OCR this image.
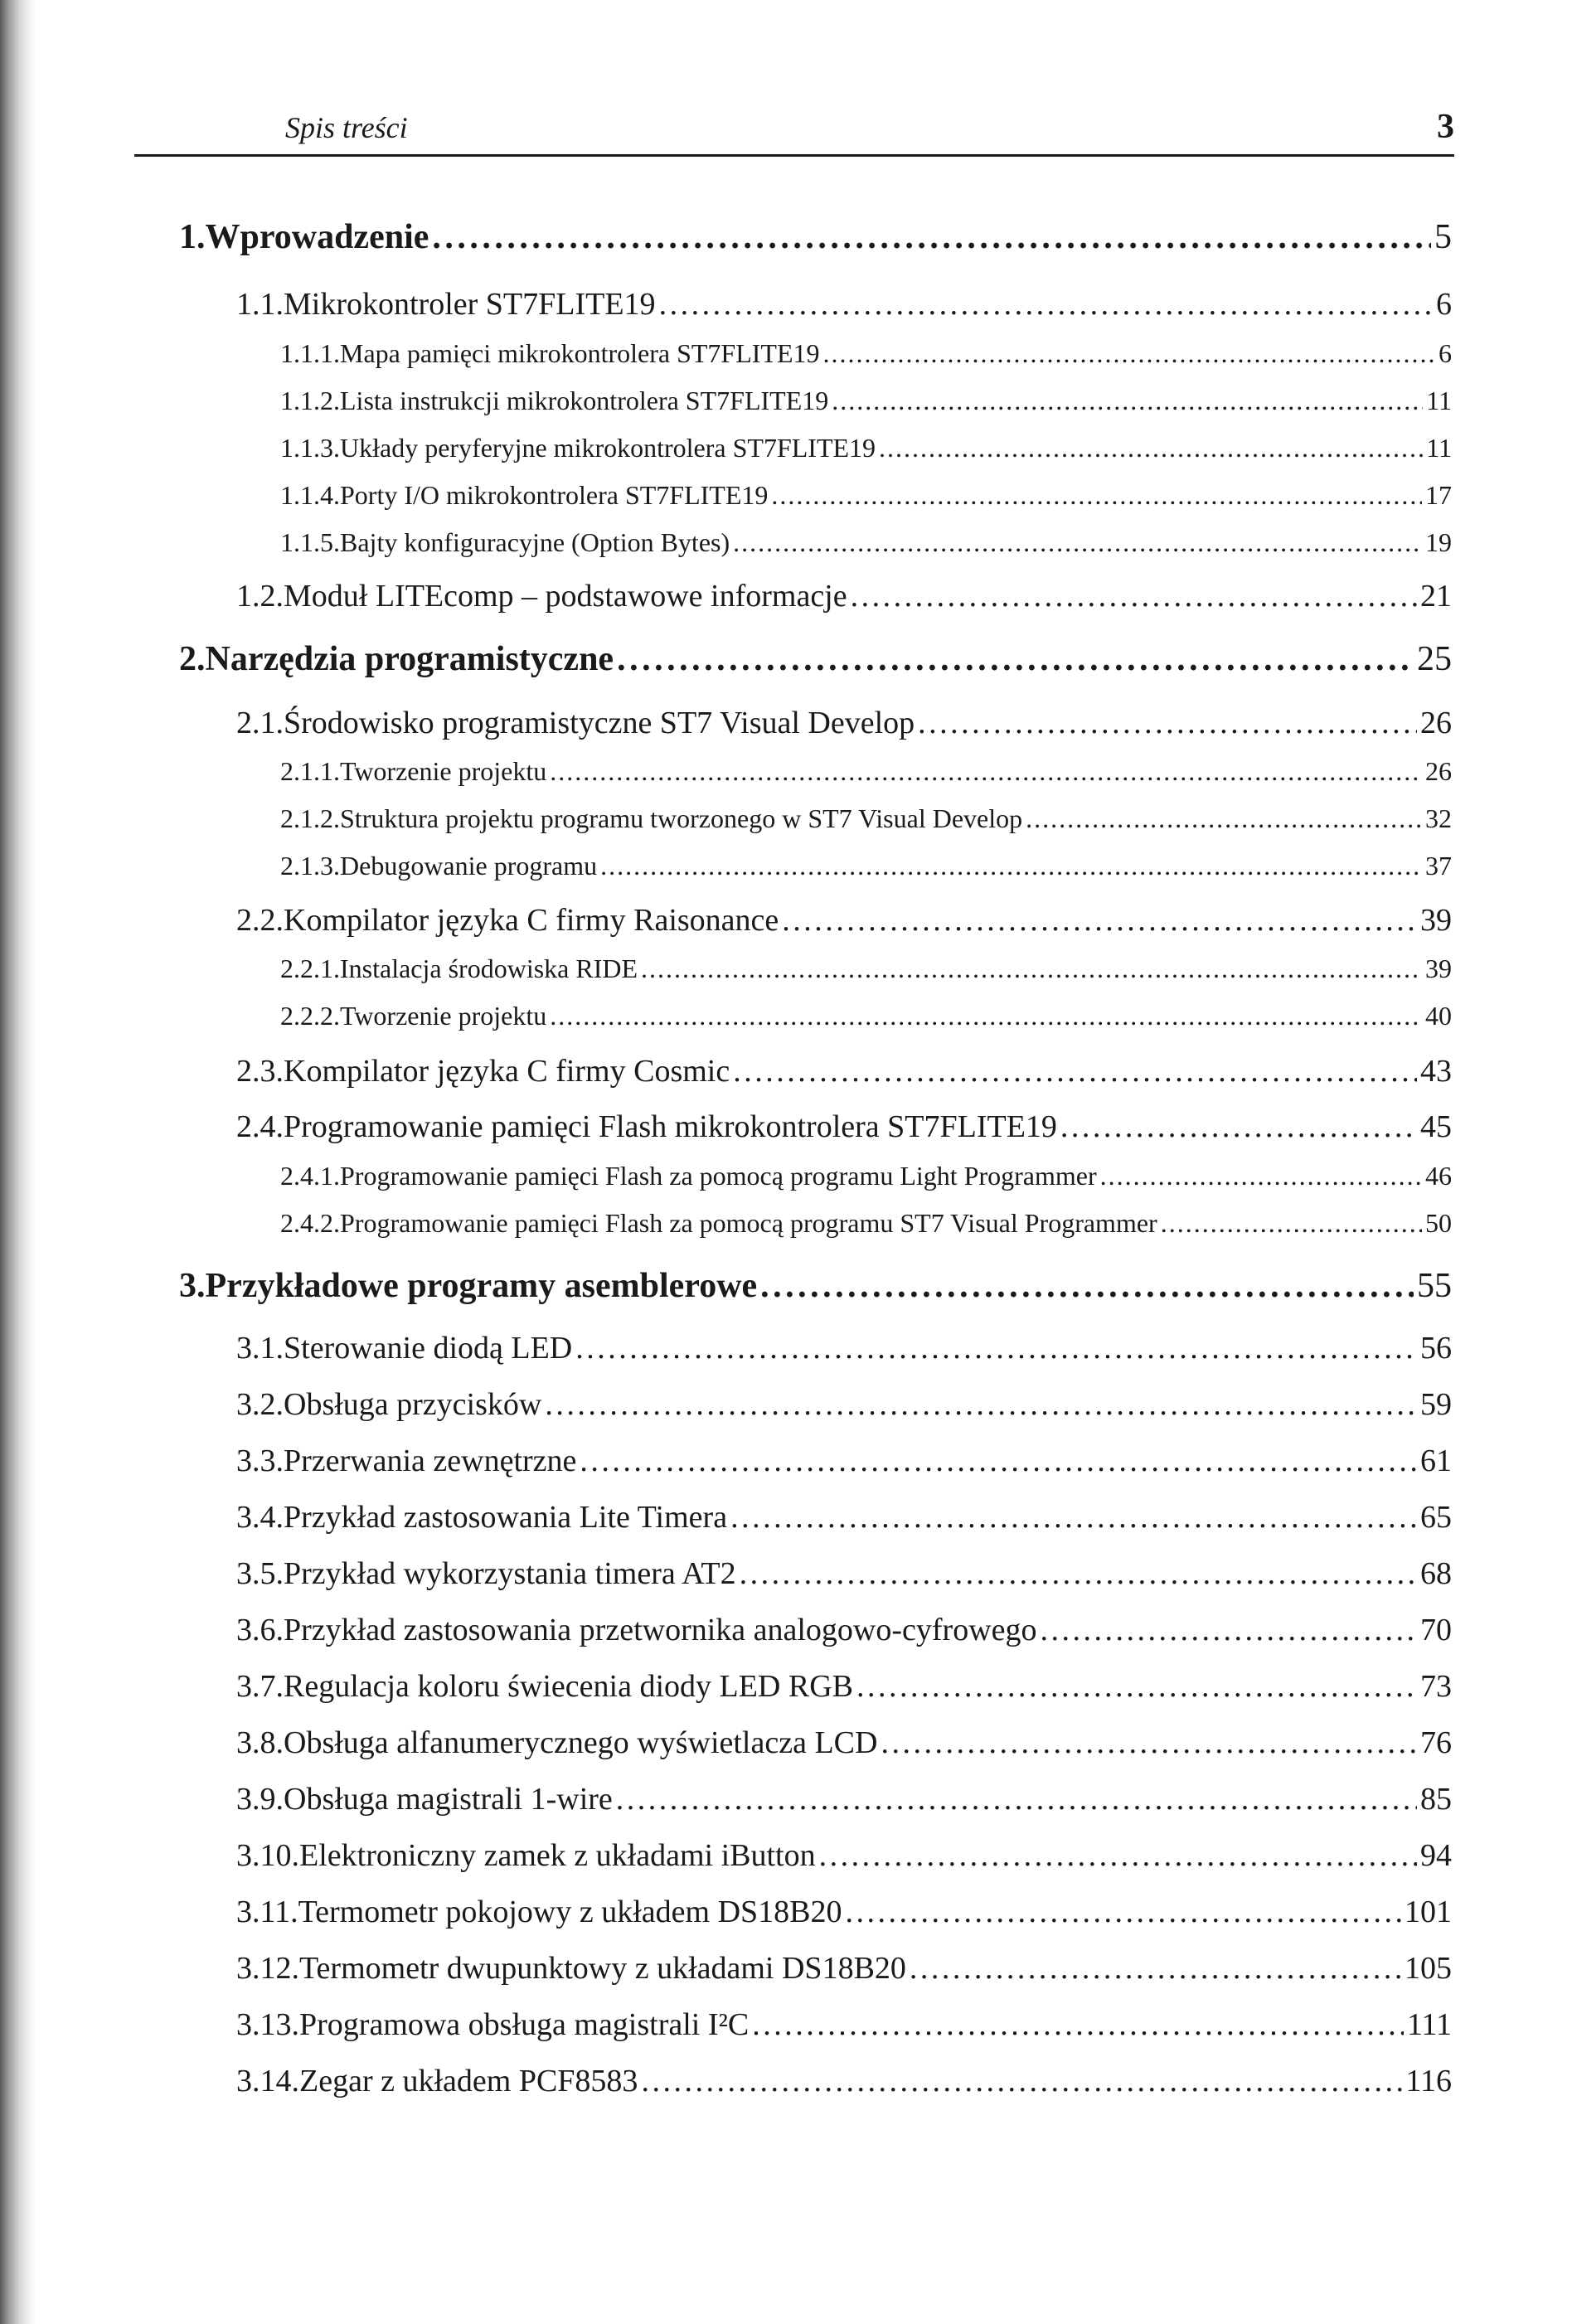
Spis treści	3
1. Wprowadzenie . . .	5
1.1. Mikrokontroler ST7FLITE19 . . .	6
1.1.1. Mapa pamięci mikrokontrolera ST7FLITE19 . . .	6
1.1.2. Lista instrukcji mikrokontrolera ST7FLITE19 . . .	11
1.1.3. Układy peryferyjne mikrokontrolera ST7FLITE19 . . .	11
1.1.4. Porty I/O mikrokontrolera ST7FLITE19 . . .	17
1.1.5. Bajty konfiguracyjne (Option Bytes) . . .	19
1.2. Moduł LITEcomp – podstawowe informacje . . .	21
2. Narzędzia programistyczne . . .	25
2.1. Środowisko programistyczne ST7 Visual Develop . . .	26
2.1.1. Tworzenie projektu . . .	26
2.1.2. Struktura projektu programu tworzonego w ST7 Visual Develop . . .	32
2.1.3. Debugowanie programu . . .	37
2.2. Kompilator języka C firmy Raisonance . . .	39
2.2.1. Instalacja środowiska RIDE . . .	39
2.2.2. Tworzenie projektu . . .	40
2.3. Kompilator języka C firmy Cosmic . . .	43
2.4. Programowanie pamięci Flash mikrokontrolera ST7FLITE19 . . .	45
2.4.1. Programowanie pamięci Flash za pomocą programu Light Programmer . . .	46
2.4.2. Programowanie pamięci Flash za pomocą programu ST7 Visual Programmer . . .	50
3. Przykładowe programy asemblerowe . . .	55
3.1. Sterowanie diodą LED . . .	56
3.2. Obsługa przycisków . . .	59
3.3. Przerwania zewnętrzne . . .	61
3.4. Przykład zastosowania Lite Timera . . .	65
3.5. Przykład wykorzystania timera AT2 . . .	68
3.6. Przykład zastosowania przetwornika analogowo-cyfrowego . . .	70
3.7. Regulacja koloru świecenia diody LED RGB . . .	73
3.8. Obsługa alfanumerycznego wyświetlacza LCD . . .	76
3.9. Obsługa magistrali 1-wire . . .	85
3.10. Elektroniczny zamek z układami iButton . . .	94
3.11. Termometr pokojowy z układem DS18B20 . . .	101
3.12. Termometr dwupunktowy z układami DS18B20 . . .	105
3.13. Programowa obsługa magistrali I²C . . .	111
3.14. Zegar z układem PCF8583 . . .	116
